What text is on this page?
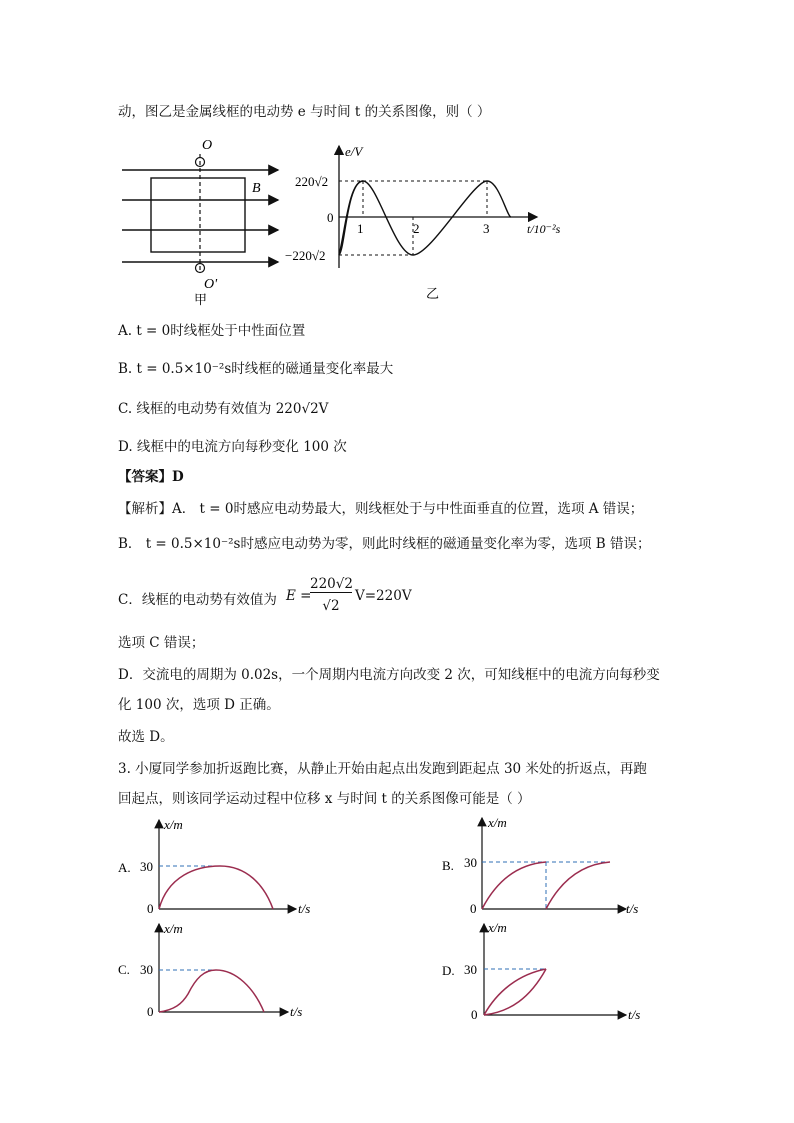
动，图乙是金属线框的电动势 e 与时间 t 的关系图像，则（ ）
O
O'
B
甲
e/V
t/10⁻²s
220√2
0
−220√2
1	2	3
乙
A. t = 0时线框处于中性面位置
B. t = 0.5×10⁻²s时线框的磁通量变化率最大
C. 线框的电动势有效值为 220√2V
D. 线框中的电流方向每秒变化 100 次
【答案】D
【解析】A． t = 0时感应电动势最大，则线框处于与中性面垂直的位置，选项 A 错误；
B． t = 0.5×10⁻²s时感应电动势为零，则此时线框的磁通量变化率为零，选项 B 错误；
C．线框的电动势有效值为 E =
220√2
√2
V=220V
选项 C 错误；
D．交流电的周期为 0.02s，一个周期内电流方向改变 2 次，可知线框中的电流方向每秒变
化 100 次，选项 D 正确。
故选 D。
3. 小厦同学参加折返跑比赛，从静止开始由起点出发跑到距起点 30 米处的折返点，再跑
回起点，则该同学运动过程中位移 x 与时间 t 的关系图像可能是（ ）
A.
x/m
t/s
30
0
B.
x/m
t/s
30
0
C.
x/m
t/s
30
0
D.
x/m
t/s
30
0
